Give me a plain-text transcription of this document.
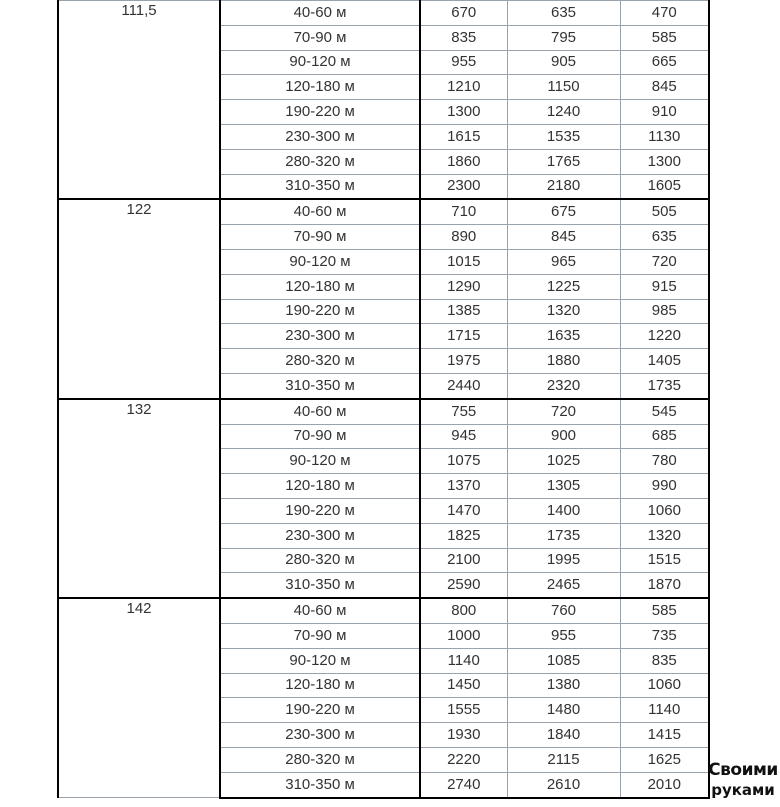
111,5	40-60 м	670	635	470
	70-90 м	835	795	585
	90-120 м	955	905	665
	120-180 м	1210	1150	845
	190-220 м	1300	1240	910
	230-300 м	1615	1535	1130
	280-320 м	1860	1765	1300
	310-350 м	2300	2180	1605
122	40-60 м	710	675	505
	70-90 м	890	845	635
	90-120 м	1015	965	720
	120-180 м	1290	1225	915
	190-220 м	1385	1320	985
	230-300 м	1715	1635	1220
	280-320 м	1975	1880	1405
	310-350 м	2440	2320	1735
132	40-60 м	755	720	545
	70-90 м	945	900	685
	90-120 м	1075	1025	780
	120-180 м	1370	1305	990
	190-220 м	1470	1400	1060
	230-300 м	1825	1735	1320
	280-320 м	2100	1995	1515
	310-350 м	2590	2465	1870
142	40-60 м	800	760	585
	70-90 м	1000	955	735
	90-120 м	1140	1085	835
	120-180 м	1450	1380	1060
	190-220 м	1555	1480	1140
	230-300 м	1930	1840	1415
	280-320 м	2220	2115	1625
	310-350 м	2740	2610	2010
Своими
руками
